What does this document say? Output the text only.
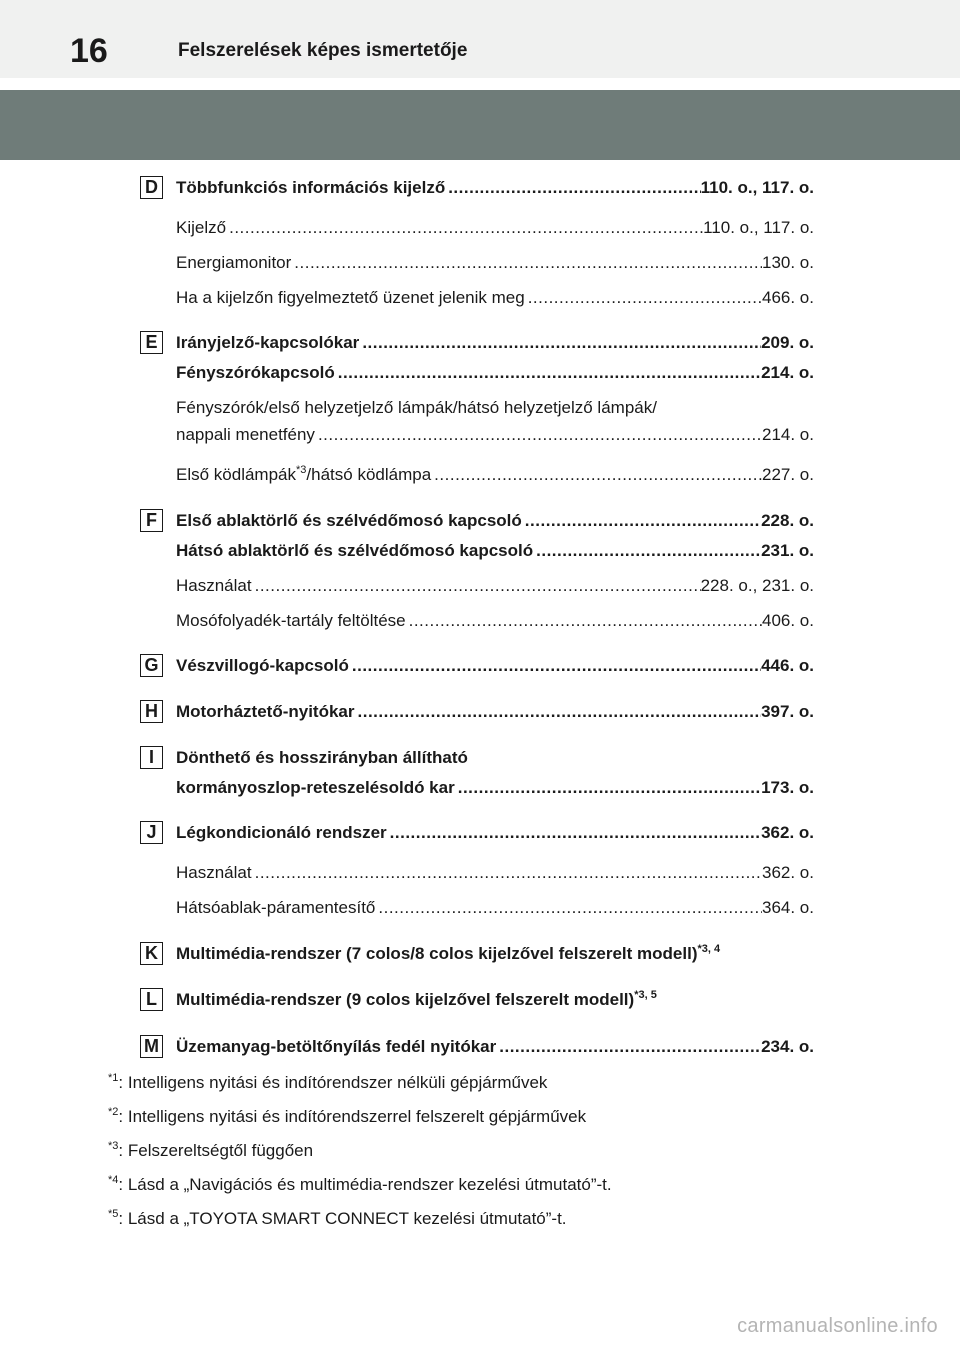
16	Felszerelések képes ismertetője
D Többfunkciós információs kijelző .....	110. o., 117. o.
Kijelző .....	110. o., 117. o.
Energiamonitor .....	130. o.
Ha a kijelzőn figyelmeztető üzenet jelenik meg .....	466. o.
E	Irányjelző-kapcsolókar .....	209. o.
Fényszórókapcsoló .....	214. o.
Fényszórók/első helyzetjelző lámpák/hátsó helyzetjelző lámpák/
nappali menetfény .....	214. o.
Első ködlámpák$^{*3}$/hátsó ködlámpa .....	227. o.
F	Első ablaktörlő és szélvédőmosó kapcsoló .....	228. o.
Hátsó ablaktörlő és szélvédőmosó kapcsoló .....	231. o.
Használat .....	228. o., 231. o.
Mosófolyadék-tartály feltöltése .....	406. o.
G Vészvillogó-kapcsoló .....	446. o.
H Motorháztető-nyitókar .....	397. o.
I	Dönthető és hosszirányban állítható
kormányoszlop-reteszelésoldó kar .....	173. o.
J	Légkondicionáló rendszer .....	362. o.
Használat .....	362. o.
Hátsóablak-páramentesítő .....	364. o.
K Multimédia-rendszer (7 colos/8 colos kijelzővel felszerelt modell)$^{*3, 4}$
L	Multimédia-rendszer (9 colos kijelzővel felszerelt modell)$^{*3, 5}$
M Üzemanyag-betöltőnyílás fedél nyitókar .....	234. o.
$^{*1}$: Intelligens nyitási és indítórendszer nélküli gépjárművek
$^{*2}$: Intelligens nyitási és indítórendszerrel felszerelt gépjárművek
$^{*3}$: Felszereltségtől függően
$^{*4}$: Lásd a „Navigációs és multimédia-rendszer kezelési útmutató”-t.
$^{*5}$: Lásd a „TOYOTA SMART CONNECT kezelési útmutató”-t.
carmanualsonline.info
